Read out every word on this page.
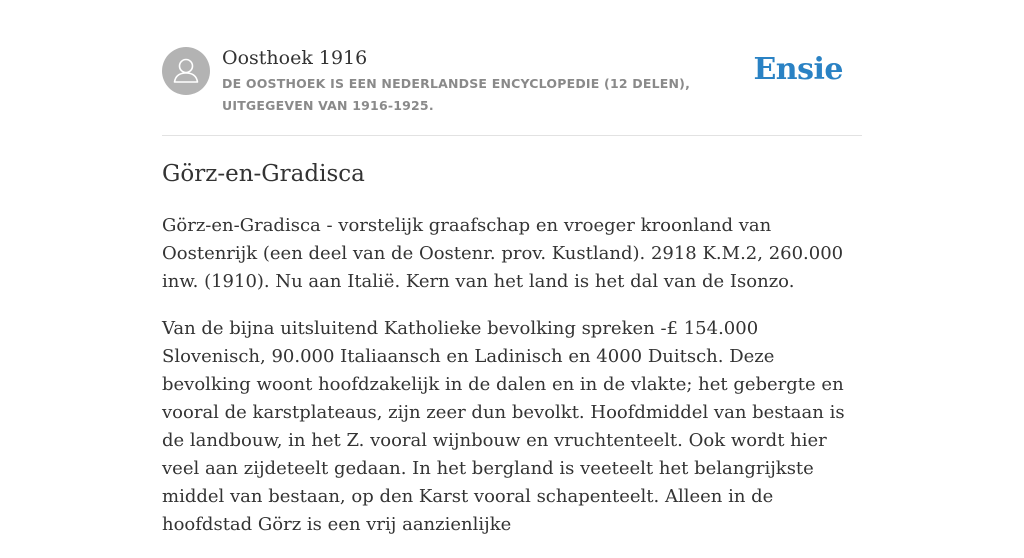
Oosthoek 1916
DE OOSTHOEK IS EEN NEDERLANDSE ENCYCLOPEDIE (12 DELEN), UITGEGEVEN VAN 1916-1925.
Ensie
Görz-en-Gradisca

Görz-en-Gradisca - vorstelijk graafschap en vroeger kroonland van Oostenrijk (een deel van de Oostenr. prov. Kustland). 2918 K.M.2, 260.000 inw. (1910). Nu aan Italië. Kern van het land is het dal van de Isonzo.

Van de bijna uitsluitend Katholieke bevolking spreken -£ 154.000 Slovenisch, 90.000 Italiaansch en Ladinisch en 4000 Duitsch. Deze bevolking woont hoofdzakelijk in de dalen en in de vlakte; het gebergte en vooral de karstplateaus, zijn zeer dun bevolkt. Hoofdmiddel van bestaan is de landbouw, in het Z. vooral wijnbouw en vruchtenteelt. Ook wordt hier veel aan zijdeteelt gedaan. In het bergland is veeteelt het belangrijkste middel van bestaan, op den Karst vooral schapenteelt. Alleen in de hoofdstad Görz is een vrij aanzienlijke
